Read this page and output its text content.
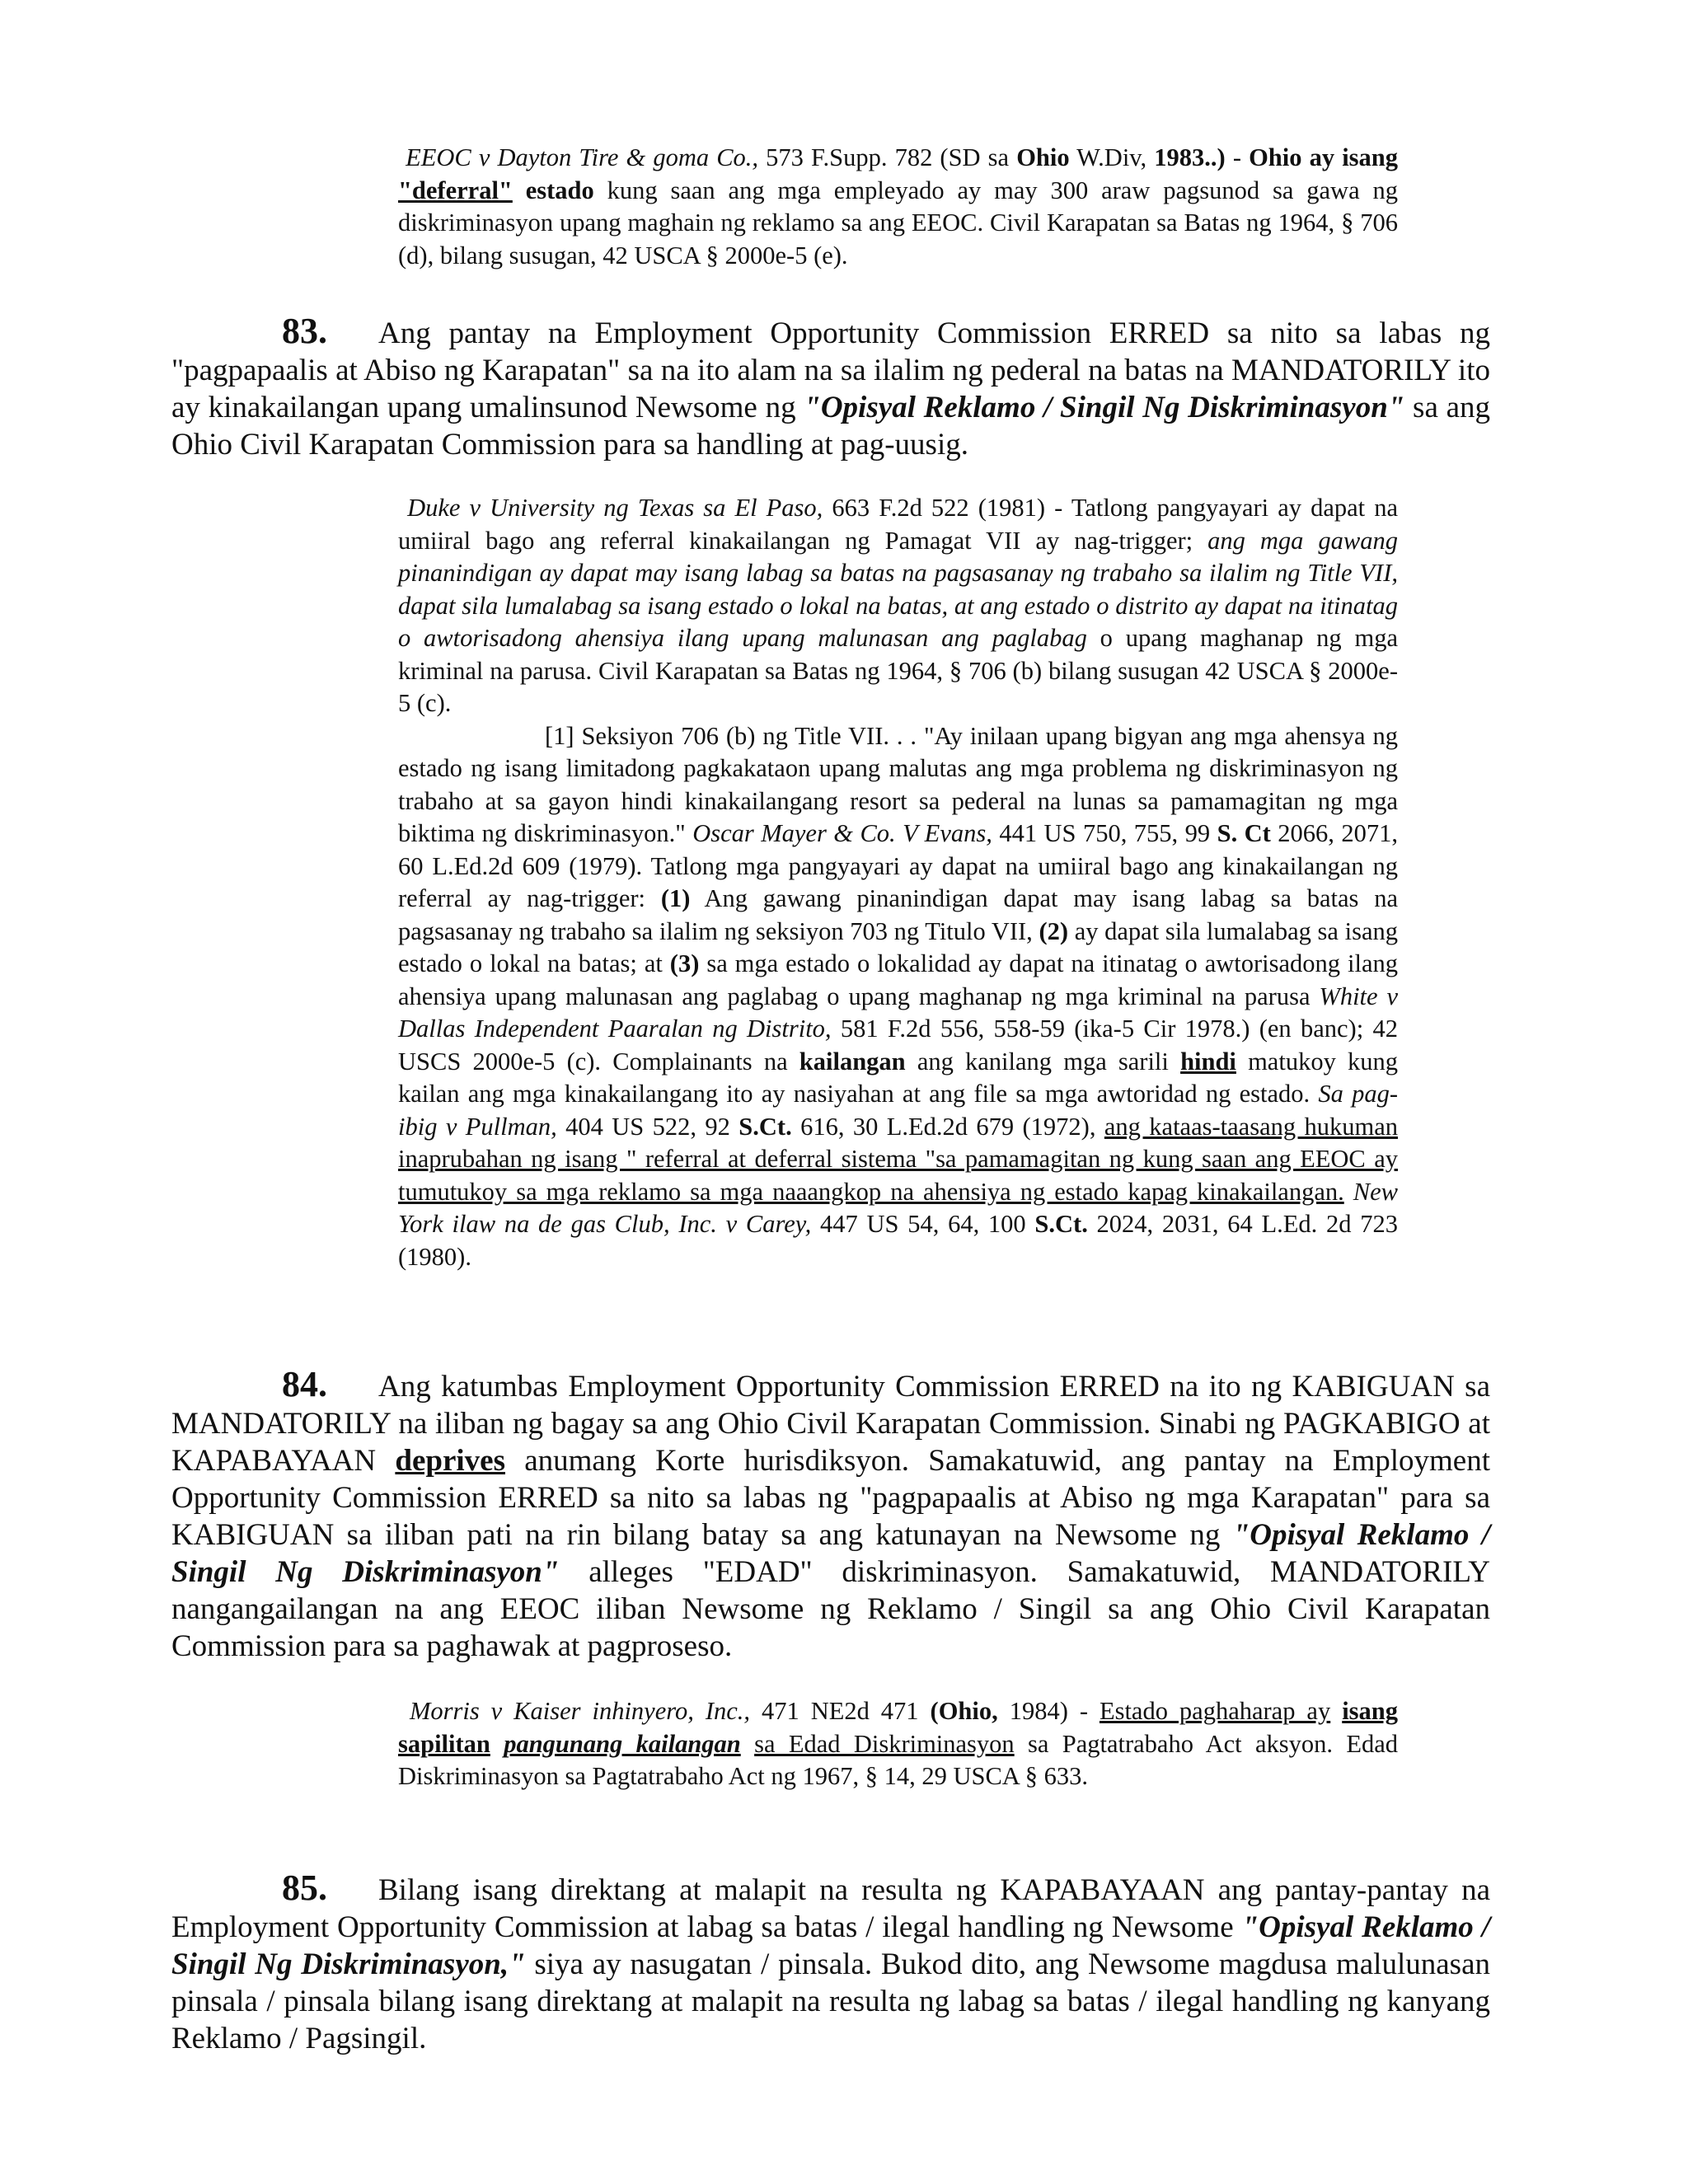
EEOC v Dayton Tire & goma Co., 573 F.Supp. 782 (SD sa Ohio W.Div, 1983..) - Ohio ay isang "deferral" estado kung saan ang mga empleyado ay may 300 araw pagsunod sa gawa ng diskriminasyon upang maghain ng reklamo sa ang EEOC. Civil Karapatan sa Batas ng 1964, § 706 (d), bilang susugan, 42 USCA § 2000e-5 (e).

83. Ang pantay na Employment Opportunity Commission ERRED sa nito sa labas ng "pagpapaalis at Abiso ng Karapatan" sa na ito alam na sa ilalim ng pederal na batas na MANDATORILY ito ay kinakailangan upang umalinsunod Newsome ng "Opisyal Reklamo / Singil Ng Diskriminasyon" sa ang Ohio Civil Karapatan Commission para sa handling at pag-uusig.

Duke v University ng Texas sa El Paso, 663 F.2d 522 (1981) - Tatlong pangyayari ay dapat na umiiral bago ang referral kinakailangan ng Pamagat VII ay nag-trigger; ang mga gawang pinanindigan ay dapat may isang labag sa batas na pagsasanay ng trabaho sa ilalim ng Title VII, dapat sila lumalabag sa isang estado o lokal na batas, at ang estado o distrito ay dapat na itinatag o awtorisadong ahensiya ilang upang malunasan ang paglabag o upang maghanap ng mga kriminal na parusa. Civil Karapatan sa Batas ng 1964, § 706 (b) bilang susugan 42 USCA § 2000e-5 (c).

[1] Seksiyon 706 (b) ng Title VII. . . "Ay inilaan upang bigyan ang mga ahensya ng estado ng isang limitadong pagkakataon upang malutas ang mga problema ng diskriminasyon ng trabaho at sa gayon hindi kinakailangang resort sa pederal na lunas sa pamamagitan ng mga biktima ng diskriminasyon." Oscar Mayer & Co. V Evans, 441 US 750, 755, 99 S. Ct 2066, 2071, 60 L.Ed.2d 609 (1979). Tatlong mga pangyayari ay dapat na umiiral bago ang kinakailangan ng referral ay nag-trigger: (1) Ang gawang pinanindigan dapat may isang labag sa batas na pagsasanay ng trabaho sa ilalim ng seksiyon 703 ng Titulo VII, (2) ay dapat sila lumalabag sa isang estado o lokal na batas; at (3) sa mga estado o lokalidad ay dapat na itinatag o awtorisadong ilang ahensiya upang malunasan ang paglabag o upang maghanap ng mga kriminal na parusa White v Dallas Independent Paaralan ng Distrito, 581 F.2d 556, 558-59 (ika-5 Cir 1978.) (en banc); 42 USCS 2000e-5 (c). Complainants na kailangan ang kanilang mga sarili hindi matukoy kung kailan ang mga kinakailangang ito ay nasiyahan at ang file sa mga awtoridad ng estado. Sa pag-ibig v Pullman, 404 US 522, 92 S.Ct. 616, 30 L.Ed.2d 679 (1972), ang kataas-taasang hukuman inaprubahan ng isang " referral at deferral sistema "sa pamamagitan ng kung saan ang EEOC ay tumutukoy sa mga reklamo sa mga naaangkop na ahensiya ng estado kapag kinakailangan. New York ilaw na de gas Club, Inc. v Carey, 447 US 54, 64, 100 S.Ct. 2024, 2031, 64 L.Ed. 2d 723 (1980).

84. Ang katumbas Employment Opportunity Commission ERRED na ito ng KABIGUAN sa MANDATORILY na iliban ng bagay sa ang Ohio Civil Karapatan Commission. Sinabi ng PAGKABIGO at KAPABAYAAN deprives anumang Korte hurisdiksyon. Samakatuwid, ang pantay na Employment Opportunity Commission ERRED sa nito sa labas ng "pagpapaalis at Abiso ng mga Karapatan" para sa KABIGUAN sa iliban pati na rin bilang batay sa ang katunayan na Newsome ng "Opisyal Reklamo / Singil Ng Diskriminasyon" alleges "EDAD" diskriminasyon. Samakatuwid, MANDATORILY nangangailangan na ang EEOC iliban Newsome ng Reklamo / Singil sa ang Ohio Civil Karapatan Commission para sa paghawak at pagproseso.

Morris v Kaiser inhinyero, Inc., 471 NE2d 471 (Ohio, 1984) - Estado paghaharap ay isang sapilitan pangunang kailangan sa Edad Diskriminasyon sa Pagtatrabaho Act aksyon. Edad Diskriminasyon sa Pagtatrabaho Act ng 1967, § 14, 29 USCA § 633.

85. Bilang isang direktang at malapit na resulta ng KAPABAYAAN ang pantay-pantay na Employment Opportunity Commission at labag sa batas / ilegal handling ng Newsome "Opisyal Reklamo / Singil Ng Diskriminasyon," siya ay nasugatan / pinsala. Bukod dito, ang Newsome magdusa malulunasan pinsala / pinsala bilang isang direktang at malapit na resulta ng labag sa batas / ilegal handling ng kanyang Reklamo / Pagsingil.
